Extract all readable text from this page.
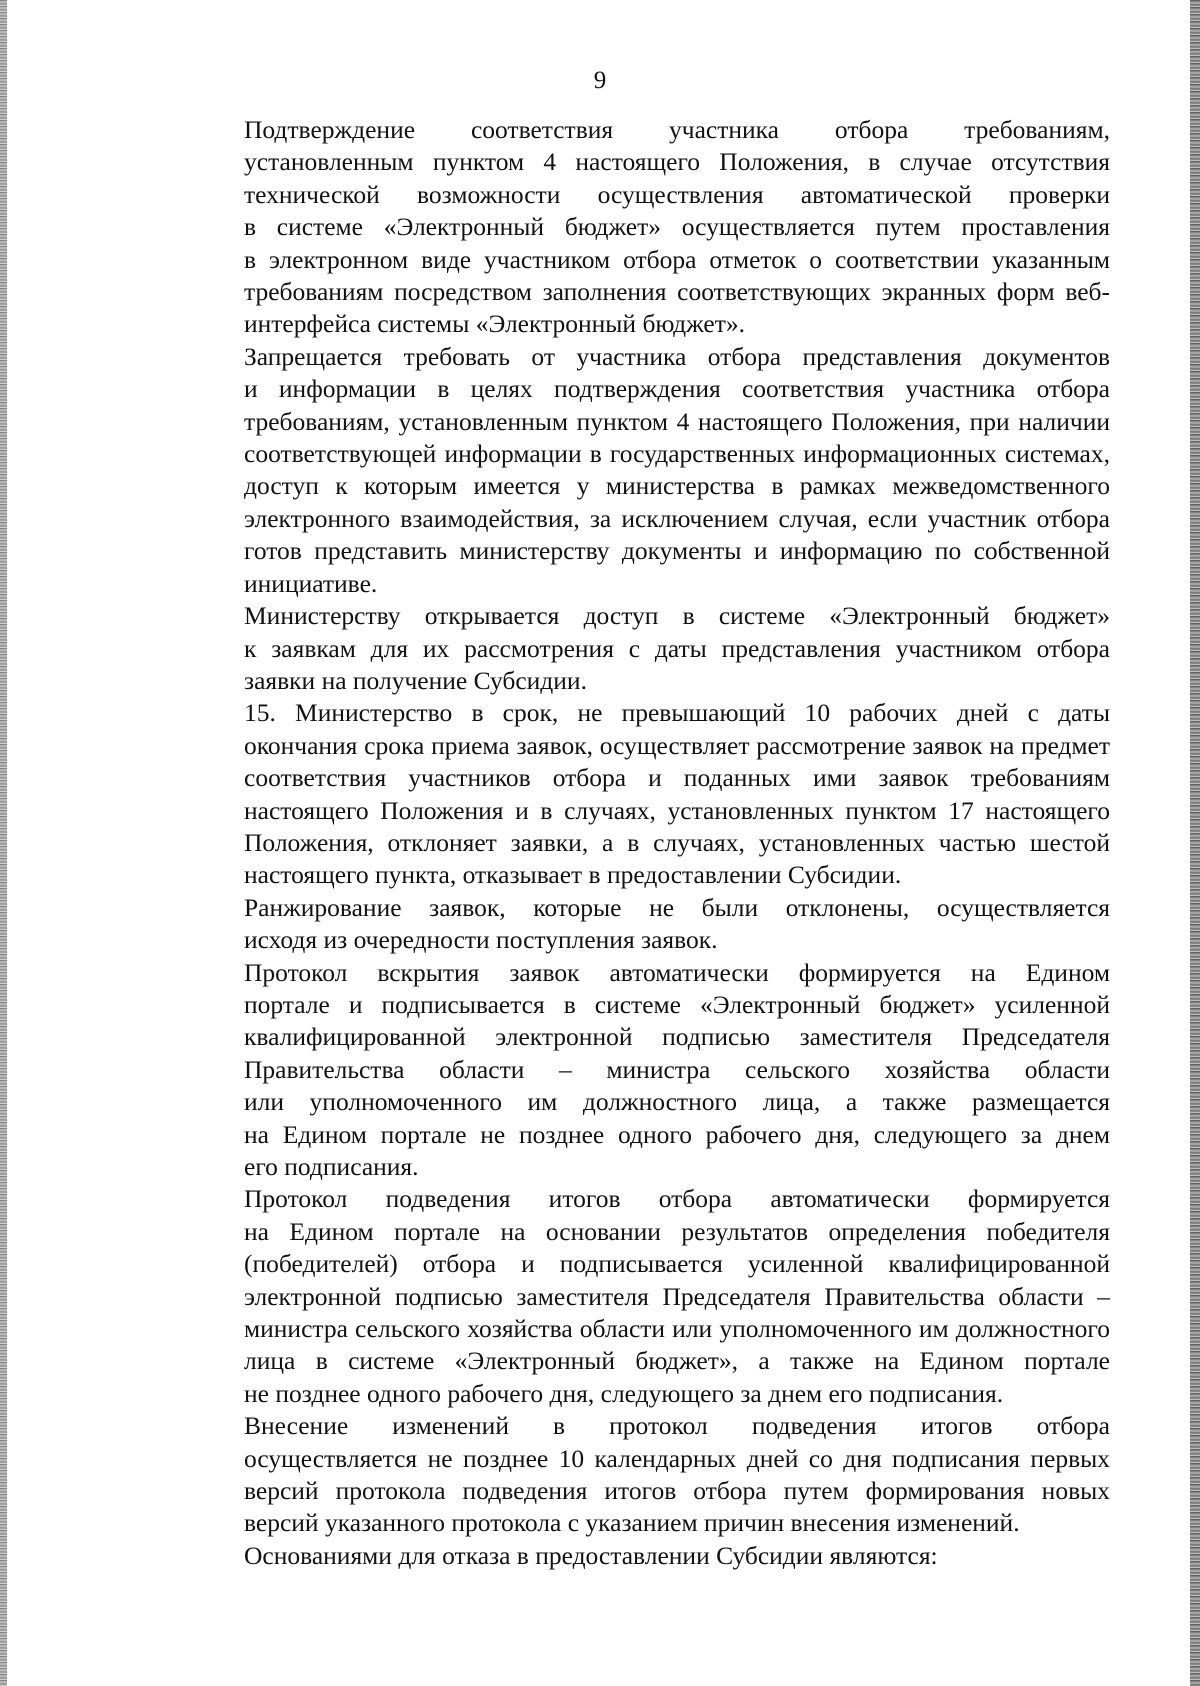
9
Подтверждение соответствия участника отбора требованиям,
установленным пунктом 4 настоящего Положения, в случае отсутствия
технической возможности осуществления автоматической проверки
в системе «Электронный бюджет» осуществляется путем проставления
в электронном виде участником отбора отметок о соответствии указанным
требованиям посредством заполнения соответствующих экранных форм веб-
интерфейса системы «Электронный бюджет».
Запрещается требовать от участника отбора представления документов
и информации в целях подтверждения соответствия участника отбора
требованиям, установленным пунктом 4 настоящего Положения, при наличии
соответствующей информации в государственных информационных системах,
доступ к которым имеется у министерства в рамках межведомственного
электронного взаимодействия, за исключением случая, если участник отбора
готов представить министерству документы и информацию по собственной
инициативе.
Министерству открывается доступ в системе «Электронный бюджет»
к заявкам для их рассмотрения с даты представления участником отбора
заявки на получение Субсидии.
15. Министерство в срок, не превышающий 10 рабочих дней с даты
окончания срока приема заявок, осуществляет рассмотрение заявок на предмет
соответствия участников отбора и поданных ими заявок требованиям
настоящего Положения и в случаях, установленных пунктом 17 настоящего
Положения, отклоняет заявки, а в случаях, установленных частью шестой
настоящего пункта, отказывает в предоставлении Субсидии.
Ранжирование заявок, которые не были отклонены, осуществляется
исходя из очередности поступления заявок.
Протокол вскрытия заявок автоматически формируется на Едином
портале и подписывается в системе «Электронный бюджет» усиленной
квалифицированной электронной подписью заместителя Председателя
Правительства области – министра сельского хозяйства области
или уполномоченного им должностного лица, а также размещается
на Едином портале не позднее одного рабочего дня, следующего за днем
его подписания.
Протокол подведения итогов отбора автоматически формируется
на Едином портале на основании результатов определения победителя
(победителей) отбора и подписывается усиленной квалифицированной
электронной подписью заместителя Председателя Правительства области –
министра сельского хозяйства области или уполномоченного им должностного
лица в системе «Электронный бюджет», а также на Едином портале
не позднее одного рабочего дня, следующего за днем его подписания.
Внесение изменений в протокол подведения итогов отбора
осуществляется не позднее 10 календарных дней со дня подписания первых
версий протокола подведения итогов отбора путем формирования новых
версий указанного протокола с указанием причин внесения изменений.
Основаниями для отказа в предоставлении Субсидии являются:
